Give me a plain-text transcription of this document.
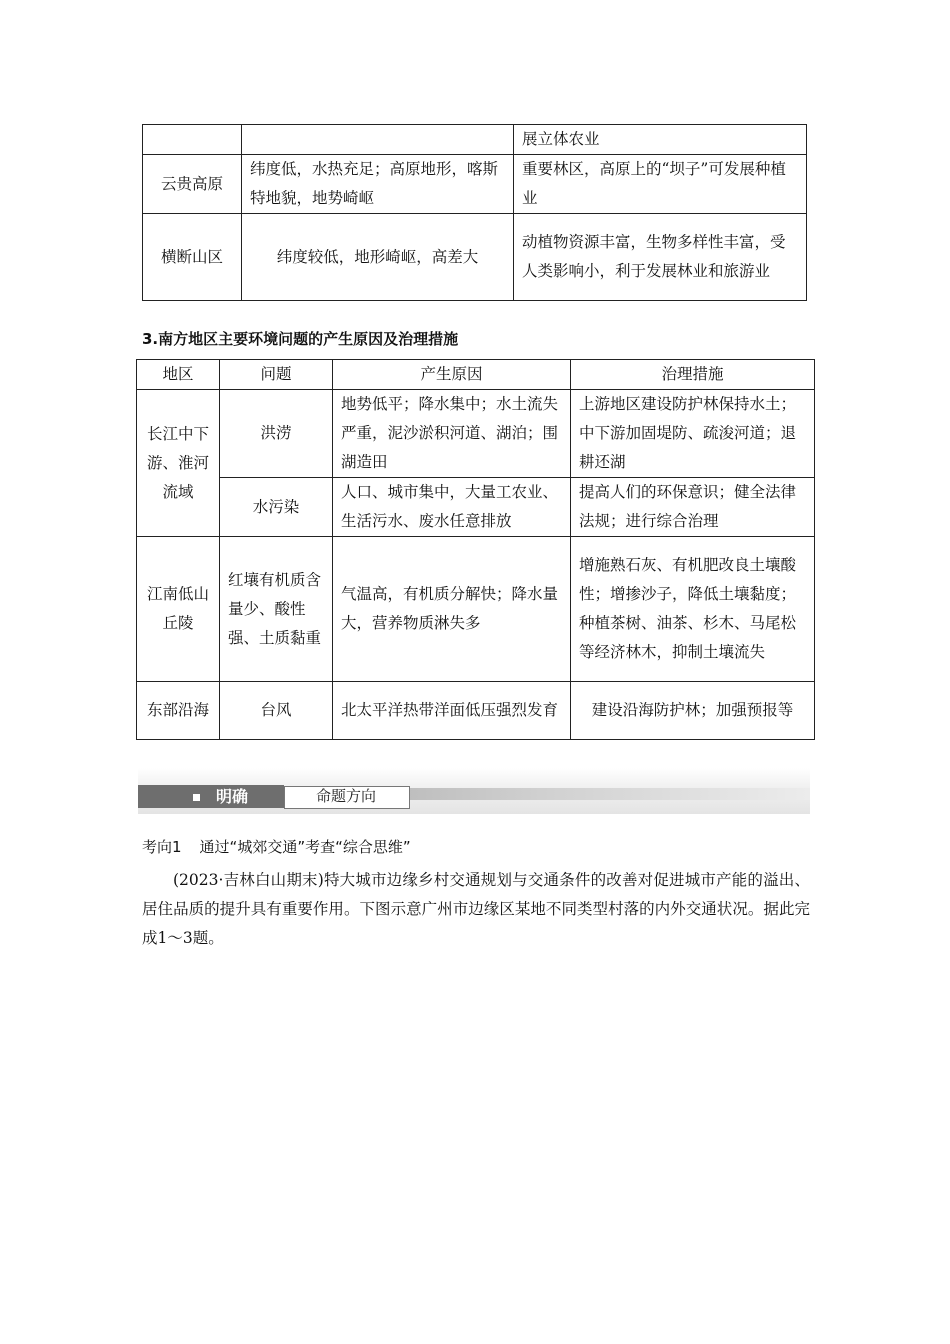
		展立体农业
云贵高原	纬度低，水热充足；高原地形，喀斯特地貌，地势崎岖	重要林区，高原上的“坝子”可发展种植业
横断山区	纬度较低，地形崎岖，高差大	动植物资源丰富，生物多样性丰富，受人类影响小，利于发展林业和旅游业
3.南方地区主要环境问题的产生原因及治理措施
地区	问题	产生原因	治理措施
长江中下游、淮河流域	洪涝	地势低平；降水集中；水土流失严重，泥沙淤积河道、湖泊；围湖造田	上游地区建设防护林保持水土；中下游加固堤防、疏浚河道；退耕还湖
	水污染	人口、城市集中，大量工农业、生活污水、废水任意排放	提高人们的环保意识；健全法律法规；进行综合治理
江南低山丘陵	红壤有机质含量少、酸性强、土质黏重	气温高，有机质分解快；降水量大，营养物质淋失多	增施熟石灰、有机肥改良土壤酸性；增掺沙子，降低土壤黏度；种植茶树、油茶、杉木、马尾松等经济林木，抑制土壤流失
东部沿海	台风	北太平洋热带洋面低压强烈发育	建设沿海防护林；加强预报等
明确	命题方向
考向1 通过“城郊交通”考查“综合思维”
(2023·吉林白山期末)特大城市边缘乡村交通规划与交通条件的改善对促进城市产能的溢出、居住品质的提升具有重要作用。下图示意广州市边缘区某地不同类型村落的内外交通状况。据此完成1～3题。
